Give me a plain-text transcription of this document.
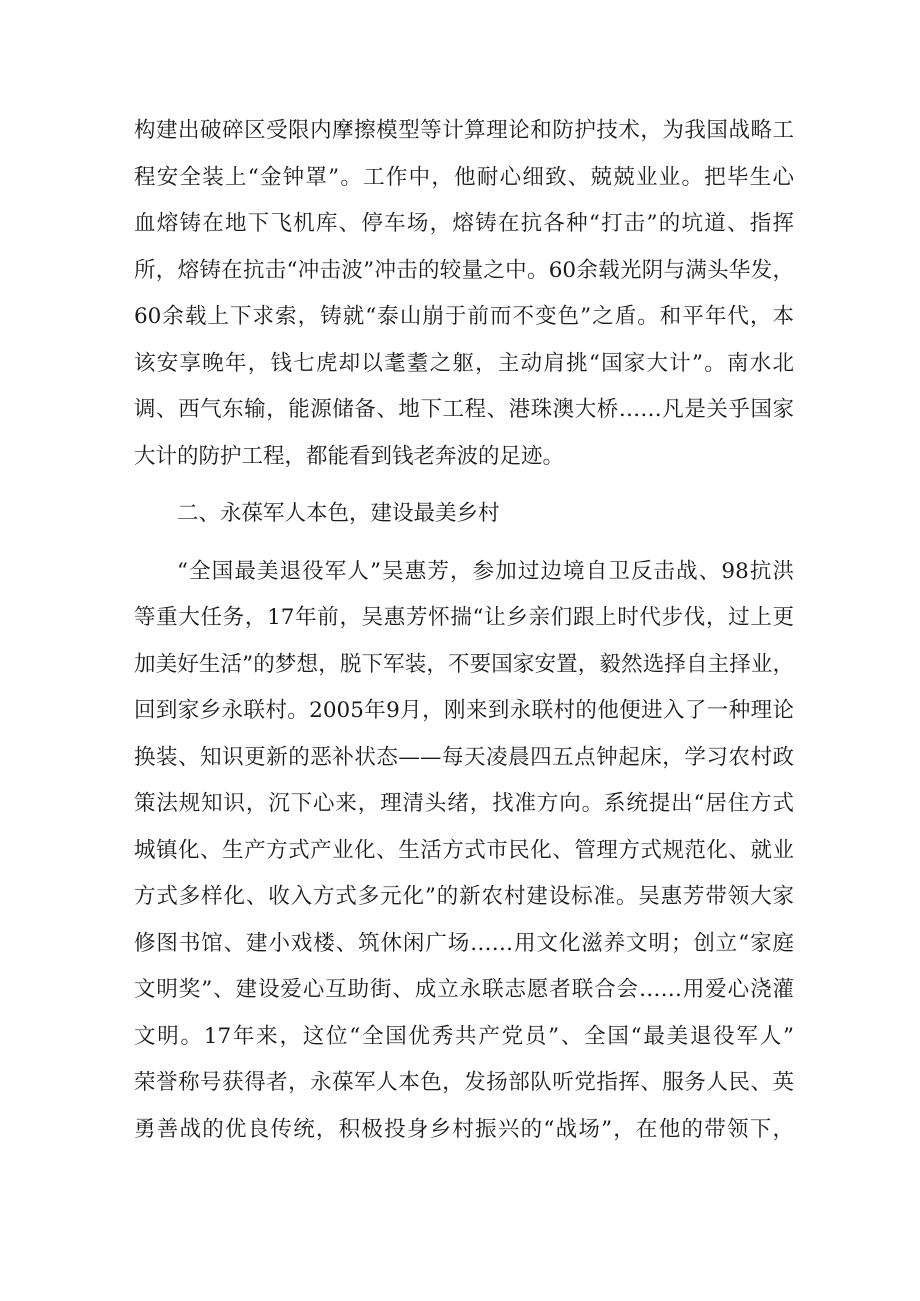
构建出破碎区受限内摩擦模型等计算理论和防护技术，为我国战略工
程安全装上“金钟罩”。工作中，他耐心细致、兢兢业业。把毕生心
血熔铸在地下飞机库、停车场，熔铸在抗各种“打击”的坑道、指挥
所，熔铸在抗击“冲击波”冲击的较量之中。60余载光阴与满头华发，
60余载上下求索，铸就“泰山崩于前而不变色”之盾。和平年代，本
该安享晚年，钱七虎却以耄耋之躯，主动肩挑“国家大计”。南水北
调、西气东输，能源储备、地下工程、港珠澳大桥……凡是关乎国家
大计的防护工程，都能看到钱老奔波的足迹。
二、永葆军人本色，建设最美乡村
“全国最美退役军人”吴惠芳，参加过边境自卫反击战、98抗洪
等重大任务，17年前，吴惠芳怀揣“让乡亲们跟上时代步伐，过上更
加美好生活”的梦想，脱下军装，不要国家安置，毅然选择自主择业，
回到家乡永联村。2005年9月，刚来到永联村的他便进入了一种理论
换装、知识更新的恶补状态——每天凌晨四五点钟起床，学习农村政
策法规知识，沉下心来，理清头绪，找准方向。系统提出“居住方式
城镇化、生产方式产业化、生活方式市民化、管理方式规范化、就业
方式多样化、收入方式多元化”的新农村建设标准。吴惠芳带领大家
修图书馆、建小戏楼、筑休闲广场……用文化滋养文明；创立“家庭
文明奖”、建设爱心互助街、成立永联志愿者联合会……用爱心浇灌
文明。17年来，这位“全国优秀共产党员”、全国“最美退役军人”
荣誉称号获得者，永葆军人本色，发扬部队听党指挥、服务人民、英
勇善战的优良传统，积极投身乡村振兴的“战场”，在他的带领下，
